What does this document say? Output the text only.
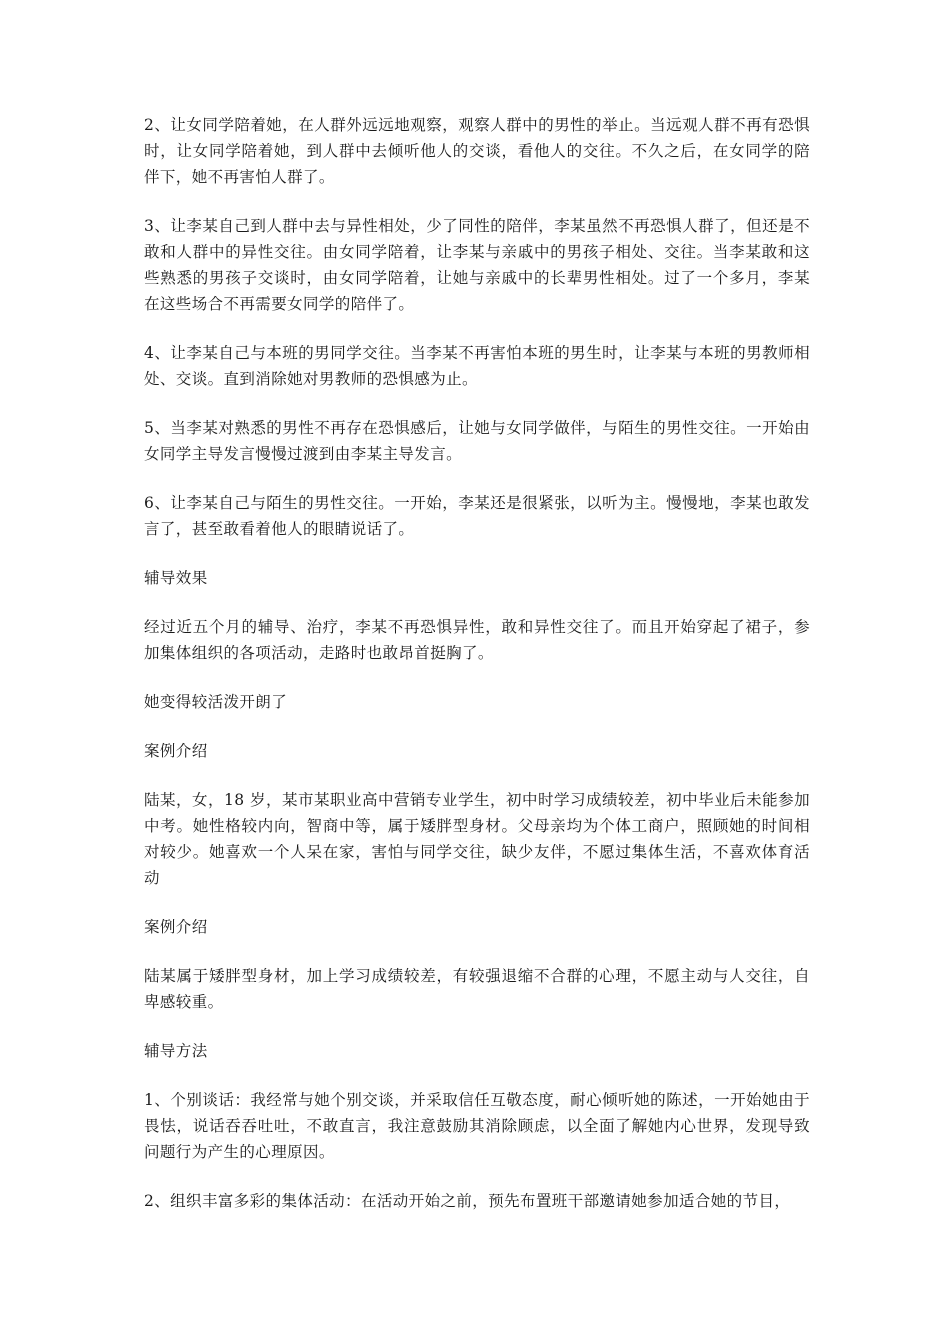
2、让女同学陪着她，在人群外远远地观察，观察人群中的男性的举止。当远观人群不再有恐惧时，让女同学陪着她，到人群中去倾听他人的交谈，看他人的交往。不久之后，在女同学的陪伴下，她不再害怕人群了。

3、让李某自己到人群中去与异性相处，少了同性的陪伴，李某虽然不再恐惧人群了，但还是不敢和人群中的异性交往。由女同学陪着，让李某与亲戚中的男孩子相处、交往。当李某敢和这些熟悉的男孩子交谈时，由女同学陪着，让她与亲戚中的长辈男性相处。过了一个多月，李某在这些场合不再需要女同学的陪伴了。

4、让李某自己与本班的男同学交往。当李某不再害怕本班的男生时，让李某与本班的男教师相处、交谈。直到消除她对男教师的恐惧感为止。

5、当李某对熟悉的男性不再存在恐惧感后，让她与女同学做伴，与陌生的男性交往。一开始由女同学主导发言慢慢过渡到由李某主导发言。

6、让李某自己与陌生的男性交往。一开始，李某还是很紧张，以听为主。慢慢地，李某也敢发言了，甚至敢看着他人的眼睛说话了。

辅导效果

经过近五个月的辅导、治疗，李某不再恐惧异性，敢和异性交往了。而且开始穿起了裙子，参加集体组织的各项活动，走路时也敢昂首挺胸了。

她变得较活泼开朗了

案例介绍

陆某，女，18 岁，某市某职业高中营销专业学生，初中时学习成绩较差，初中毕业后未能参加中考。她性格较内向，智商中等，属于矮胖型身材。父母亲均为个体工商户，照顾她的时间相对较少。她喜欢一个人呆在家，害怕与同学交往，缺少友伴，不愿过集体生活，不喜欢体育活动

案例介绍

陆某属于矮胖型身材，加上学习成绩较差，有较强退缩不合群的心理，不愿主动与人交往，自卑感较重。

辅导方法

1、个别谈话：我经常与她个别交谈，并采取信任互敬态度，耐心倾听她的陈述，一开始她由于畏怯，说话吞吞吐吐，不敢直言，我注意鼓励其消除顾虑，以全面了解她内心世界，发现导致问题行为产生的心理原因。

2、组织丰富多彩的集体活动：在活动开始之前，预先布置班干部邀请她参加适合她的节目，
